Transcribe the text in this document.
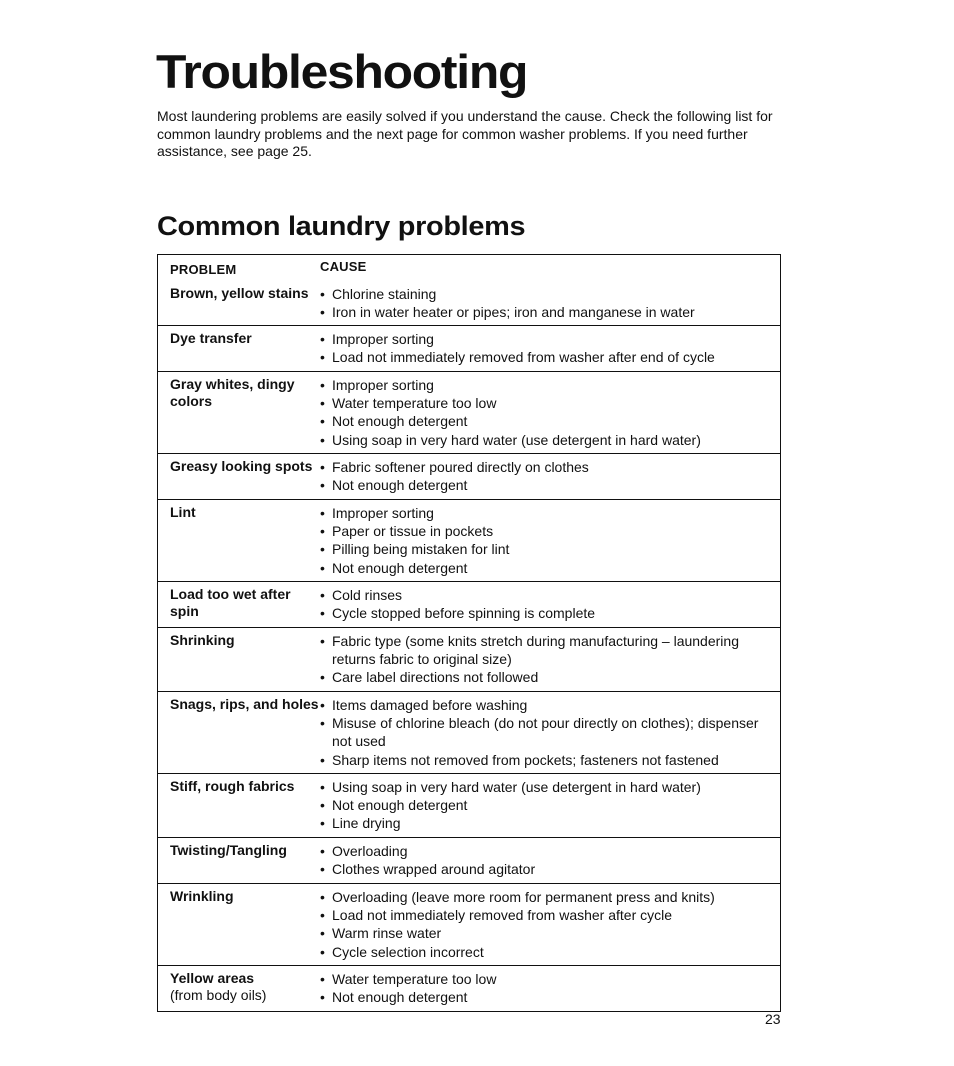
Troubleshooting

Most laundering problems are easily solved if you understand the cause. Check the following list for common laundry problems and the next page for common washer problems. If you need further assistance, see page 25.

Common laundry problems
PROBLEM	CAUSE
Brown, yellow stains	• Chlorine staining
• Iron in water heater or pipes; iron and manganese in water
Dye transfer	• Improper sorting
• Load not immediately removed from washer after end of cycle
Gray whites, dingy colors
• Improper sorting
• Water temperature too low
• Not enough detergent
• Using soap in very hard water (use detergent in hard water)
Greasy looking spots	• Fabric softener poured directly on clothes
• Not enough detergent
Lint	• Improper sorting
• Paper or tissue in pockets
• Pilling being mistaken for lint
• Not enough detergent
Load too wet after spin
• Cold rinses
• Cycle stopped before spinning is complete
Shrinking	• Fabric type (some knits stretch during manufacturing – laundering returns fabric to original size)
• Care label directions not followed
Snags, rips, and holes • Items damaged before washing
• Misuse of chlorine bleach (do not pour directly on clothes); dispenser not used
• Sharp items not removed from pockets; fasteners not fastened
Stiff, rough fabrics	• Using soap in very hard water (use detergent in hard water)
• Not enough detergent
• Line drying
Twisting/Tangling	• Overloading
• Clothes wrapped around agitator
Wrinkling	• Overloading (leave more room for permanent press and knits)
• Load not immediately removed from washer after cycle
• Warm rinse water
• Cycle selection incorrect
Yellow areas
(from body oils)
• Water temperature too low
• Not enough detergent
23
